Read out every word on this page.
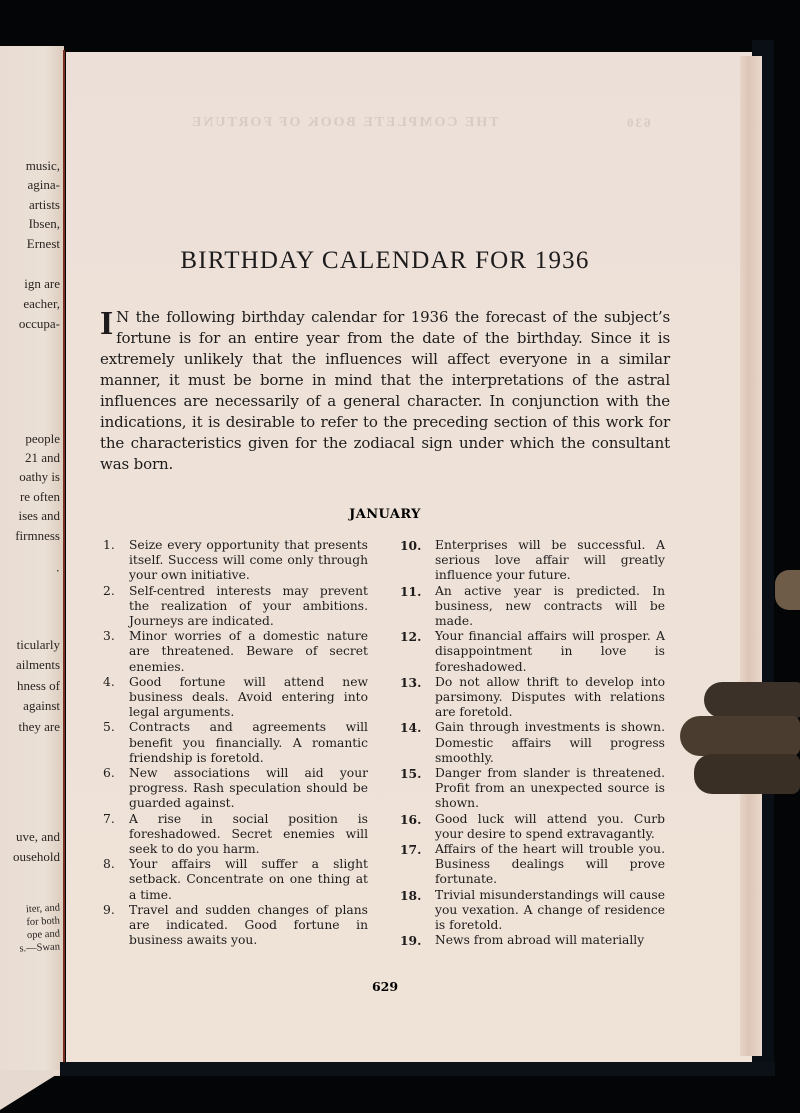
THE COMPLETE BOOK OF FORTUNE	630
BIRTHDAY CALENDAR FOR 1936
I N the following birthday calendar for 1936 the forecast of the subject’s fortune is for an entire year from the date of the birthday. Since it is extremely unlikely that the influences will affect everyone in a similar manner, it must be borne in mind that the interpretations of the astral influences are necessarily of a general character. In conjunction with the indications, it is desirable to refer to the preceding section of this work for the characteristics given for the zodiacal sign under which the consultant was born.
JANUARY
1. Seize every opportunity that presents itself. Success will come only through your own initiative.
2. Self-centred interests may prevent the realization of your ambitions. Journeys are indicated.
3. Minor worries of a domestic nature are threatened. Beware of secret enemies.
4. Good fortune will attend new business deals. Avoid entering into legal arguments.
5. Contracts and agreements will benefit you financially. A romantic friendship is foretold.
6. New associations will aid your progress. Rash speculation should be guarded against.
7. A rise in social position is foreshadowed. Secret enemies will seek to do you harm.
8. Your affairs will suffer a slight setback. Concentrate on one thing at a time.
9. Travel and sudden changes of plans are indicated. Good fortune in business awaits you.
10. Enterprises will be successful. A serious love affair will greatly influence your future.
11. An active year is predicted. In business, new contracts will be made.
12. Your financial affairs will prosper. A disappointment in love is foreshadowed.
13. Do not allow thrift to develop into parsimony. Disputes with relations are foretold.
14. Gain through investments is shown. Domestic affairs will progress smoothly.
15. Danger from slander is threatened. Profit from an unexpected source is shown.
16. Good luck will attend you. Curb your desire to spend extravagantly.
17. Affairs of the heart will trouble you. Business dealings will prove fortunate.
18. Trivial misunderstandings will cause you vexation. A change of residence is foretold.
19. News from abroad will materially
629
music,
agina-
artists
Ibsen,
Ernest
ign are
eacher,
occupa-
people
21 and
oathy is
re often
ises and
firmness
·
ticularly
ailments
hness of
against
they are
uve, and
ousehold
iter, and
for both
ope and
s.—Swan
